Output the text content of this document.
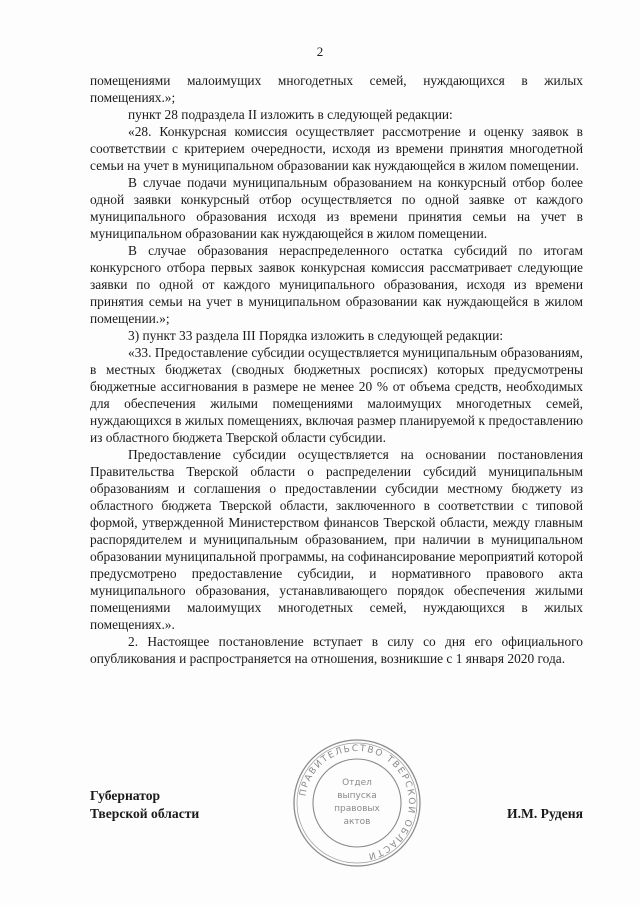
2

помещениями малоимущих многодетных семей, нуждающихся в жилых помещениях.»;

пункт 28 подраздела II изложить в следующей редакции:

«28. Конкурсная комиссия осуществляет рассмотрение и оценку заявок в соответствии с критерием очередности, исходя из времени принятия многодетной семьи на учет в муниципальном образовании как нуждающейся в жилом помещении.

В случае подачи муниципальным образованием на конкурсный отбор более одной заявки конкурсный отбор осуществляется по одной заявке от каждого муниципального образования исходя из времени принятия семьи на учет в муниципальном образовании как нуждающейся в жилом помещении.

В случае образования нераспределенного остатка субсидий по итогам конкурсного отбора первых заявок конкурсная комиссия рассматривает следующие заявки по одной от каждого муниципального образования, исходя из времени принятия семьи на учет в муниципальном образовании как нуждающейся в жилом помещении.»;

3) пункт 33 раздела III Порядка изложить в следующей редакции:

«33. Предоставление субсидии осуществляется муниципальным образованиям, в местных бюджетах (сводных бюджетных росписях) которых предусмотрены бюджетные ассигнования в размере не менее 20 % от объема средств, необходимых для обеспечения жилыми помещениями малоимущих многодетных семей, нуждающихся в жилых помещениях, включая размер планируемой к предоставлению из областного бюджета Тверской области субсидии.

Предоставление субсидии осуществляется на основании постановления Правительства Тверской области о распределении субсидий муниципальным образованиям и соглашения о предоставлении субсидии местному бюджету из областного бюджета Тверской области, заключенного в соответствии с типовой формой, утвержденной Министерством финансов Тверской области, между главным распорядителем и муниципальным образованием, при наличии в муниципальном образовании муниципальной программы, на софинансирование мероприятий которой предусмотрено предоставление субсидии, и нормативного правового акта муниципального образования, устанавливающего порядок обеспечения жилыми помещениями малоимущих многодетных семей, нуждающихся в жилых помещениях.».

2. Настоящее постановление вступает в силу со дня его официального опубликования и распространяется на отношения, возникшие с 1 января 2020 года.

Губернатор
Тверской области	И.М. Руденя
ПРАВИТЕЛЬСТВО ТВЕРСКОЙ ОБЛАСТИ
Отдел
выпуска
правовых
актов
